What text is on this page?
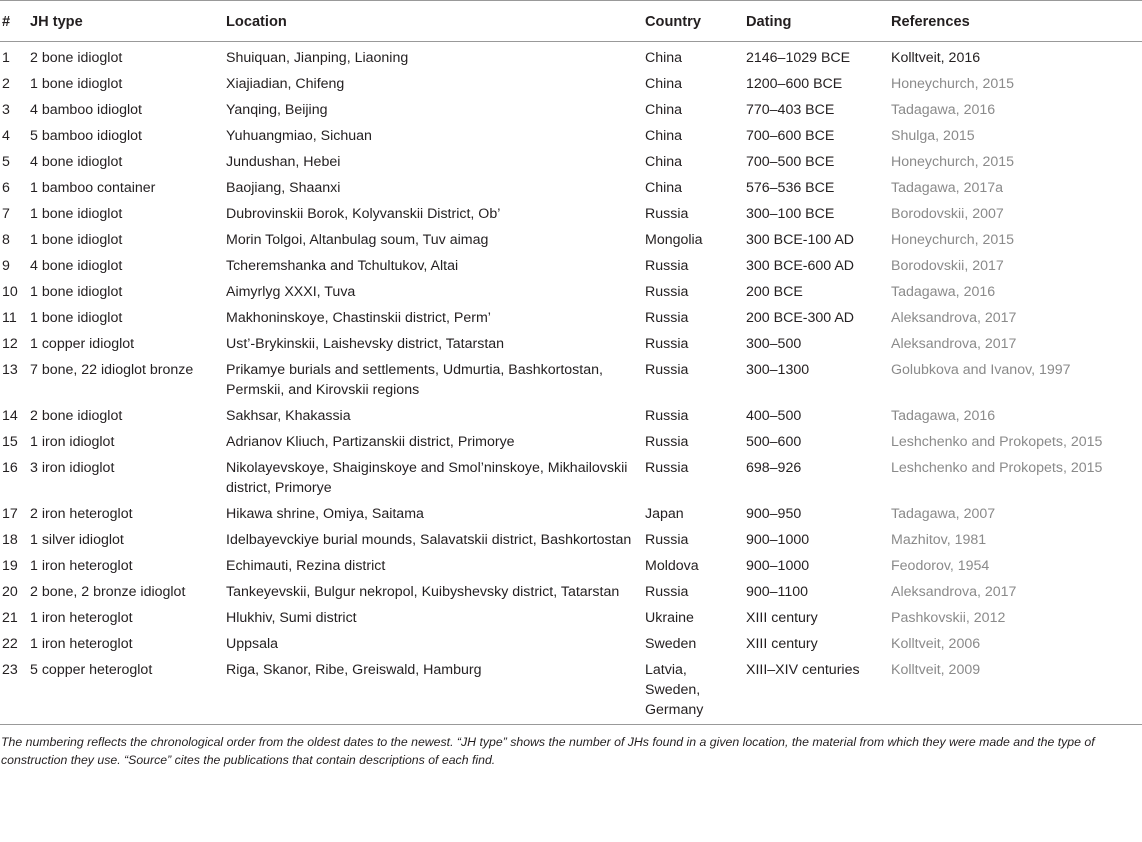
#	JH type	Location	Country	Dating	References
1	2 bone idioglot	Shuiquan, Jianping, Liaoning	China	2146–1029 BCE	Kolltveit, 2016
2	1 bone idioglot	Xiajiadian, Chifeng	China	1200–600 BCE	Honeychurch, 2015
3	4 bamboo idioglot	Yanqing, Beijing	China	770–403 BCE	Tadagawa, 2016
4	5 bamboo idioglot	Yuhuangmiao, Sichuan	China	700–600 BCE	Shulga, 2015
5	4 bone idioglot	Jundushan, Hebei	China	700–500 BCE	Honeychurch, 2015
6	1 bamboo container	Baojiang, Shaanxi	China	576–536 BCE	Tadagawa, 2017a
7	1 bone idioglot	Dubrovinskii Borok, Kolyvanskii District, Ob’	Russia	300–100 BCE	Borodovskii, 2007
8	1 bone idioglot	Morin Tolgoi, Altanbulag soum, Tuv aimag	Mongolia	300 BCE-100 AD	Honeychurch, 2015
9	4 bone idioglot	Tcheremshanka and Tchultukov, Altai	Russia	300 BCE-600 AD	Borodovskii, 2017
10	1 bone idioglot	Aimyrlyg XXXI, Tuva	Russia	200 BCE	Tadagawa, 2016
11	1 bone idioglot	Makhoninskoye, Chastinskii district, Perm’	Russia	200 BCE-300 AD	Aleksandrova, 2017
12	1 copper idioglot	Ust’-Brykinskii, Laishevsky district, Tatarstan	Russia	300–500	Aleksandrova, 2017
13	7 bone, 22 idioglot bronze	Prikamye burials and settlements, Udmurtia, Bashkortostan, Permskii, and Kirovskii regions	Russia	300–1300	Golubkova and Ivanov, 1997
14	2 bone idioglot	Sakhsar, Khakassia	Russia	400–500	Tadagawa, 2016
15	1 iron idioglot	Adrianov Kliuch, Partizanskii district, Primorye	Russia	500–600	Leshchenko and Prokopets, 2015
16	3 iron idioglot	Nikolayevskoye, Shaiginskoye and Smol’ninskoye, Mikhailovskii district, Primorye	Russia	698–926	Leshchenko and Prokopets, 2015
17	2 iron heteroglot	Hikawa shrine, Omiya, Saitama	Japan	900–950	Tadagawa, 2007
18	1 silver idioglot	Idelbayevckiye burial mounds, Salavatskii district, Bashkortostan	Russia	900–1000	Mazhitov, 1981
19	1 iron heteroglot	Echimauti, Rezina district	Moldova	900–1000	Feodorov, 1954
20	2 bone, 2 bronze idioglot	Tankeyevskii, Bulgur nekropol, Kuibyshevsky district, Tatarstan	Russia	900–1100	Aleksandrova, 2017
21	1 iron heteroglot	Hlukhiv, Sumi district	Ukraine	XIII century	Pashkovskii, 2012
22	1 iron heteroglot	Uppsala	Sweden	XIII century	Kolltveit, 2006
23	5 copper heteroglot	Riga, Skanor, Ribe, Greiswald, Hamburg	Latvia, Sweden, Germany	XIII–XIV centuries	Kolltveit, 2009
The numbering reflects the chronological order from the oldest dates to the newest. “JH type” shows the number of JHs found in a given location, the material from which they were made and the type of construction they use. “Source” cites the publications that contain descriptions of each find.
